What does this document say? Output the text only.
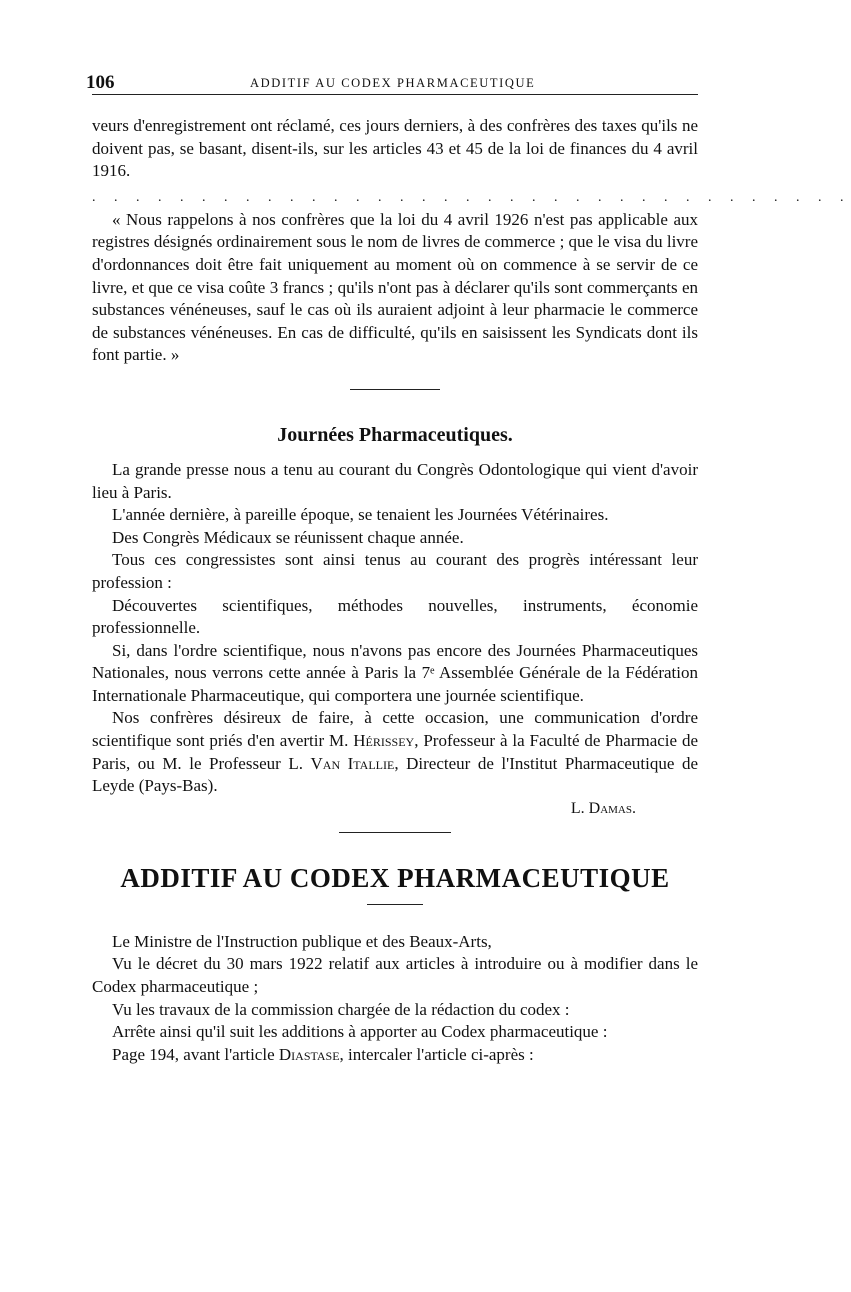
106	ADDITIF AU CODEX PHARMACEUTIQUE

veurs d'enregistrement ont réclamé, ces jours derniers, à des confrères des taxes qu'ils ne doivent pas, se basant, disent-ils, sur les articles 43 et 45 de la loi de finances du 4 avril 1916.

. . . . . . . . . . . . . . . . . . . . . . . . . . . . . . . . . . .

« Nous rappelons à nos confrères que la loi du 4 avril 1926 n'est pas applicable aux registres désignés ordinairement sous le nom de livres de commerce ; que le visa du livre d'ordonnances doit être fait uniquement au moment où on commence à se servir de ce livre, et que ce visa coûte 3 francs ; qu'ils n'ont pas à déclarer qu'ils sont commerçants en substances vénéneuses, sauf le cas où ils auraient adjoint à leur pharmacie le commerce de substances vénéneuses. En cas de difficulté, qu'ils en saisissent les Syndicats dont ils font partie. »

Journées Pharmaceutiques.

La grande presse nous a tenu au courant du Congrès Odontologique qui vient d'avoir lieu à Paris.

L'année dernière, à pareille époque, se tenaient les Journées Vétérinaires.

Des Congrès Médicaux se réunissent chaque année.

Tous ces congressistes sont ainsi tenus au courant des progrès intéressant leur profession :

Découvertes scientifiques, méthodes nouvelles, instruments, économie professionnelle.

Si, dans l'ordre scientifique, nous n'avons pas encore des Journées Pharmaceutiques Nationales, nous verrons cette année à Paris la 7ᵉ Assemblée Générale de la Fédération Internationale Pharmaceutique, qui comportera une journée scientifique.

Nos confrères désireux de faire, à cette occasion, une communication d'ordre scientifique sont priés d'en avertir M. Hérissey, Professeur à la Faculté de Pharmacie de Paris, ou M. le Professeur L. Van Itallie, Directeur de l'Institut Pharmaceutique de Leyde (Pays-Bas).

L. Damas.
ADDITIF AU CODEX PHARMACEUTIQUE

Le Ministre de l'Instruction publique et des Beaux-Arts,

Vu le décret du 30 mars 1922 relatif aux articles à introduire ou à modifier dans le Codex pharmaceutique ;

Vu les travaux de la commission chargée de la rédaction du codex :

Arrête ainsi qu'il suit les additions à apporter au Codex pharmaceutique :

Page 194, avant l'article Diastase, intercaler l'article ci-après :
